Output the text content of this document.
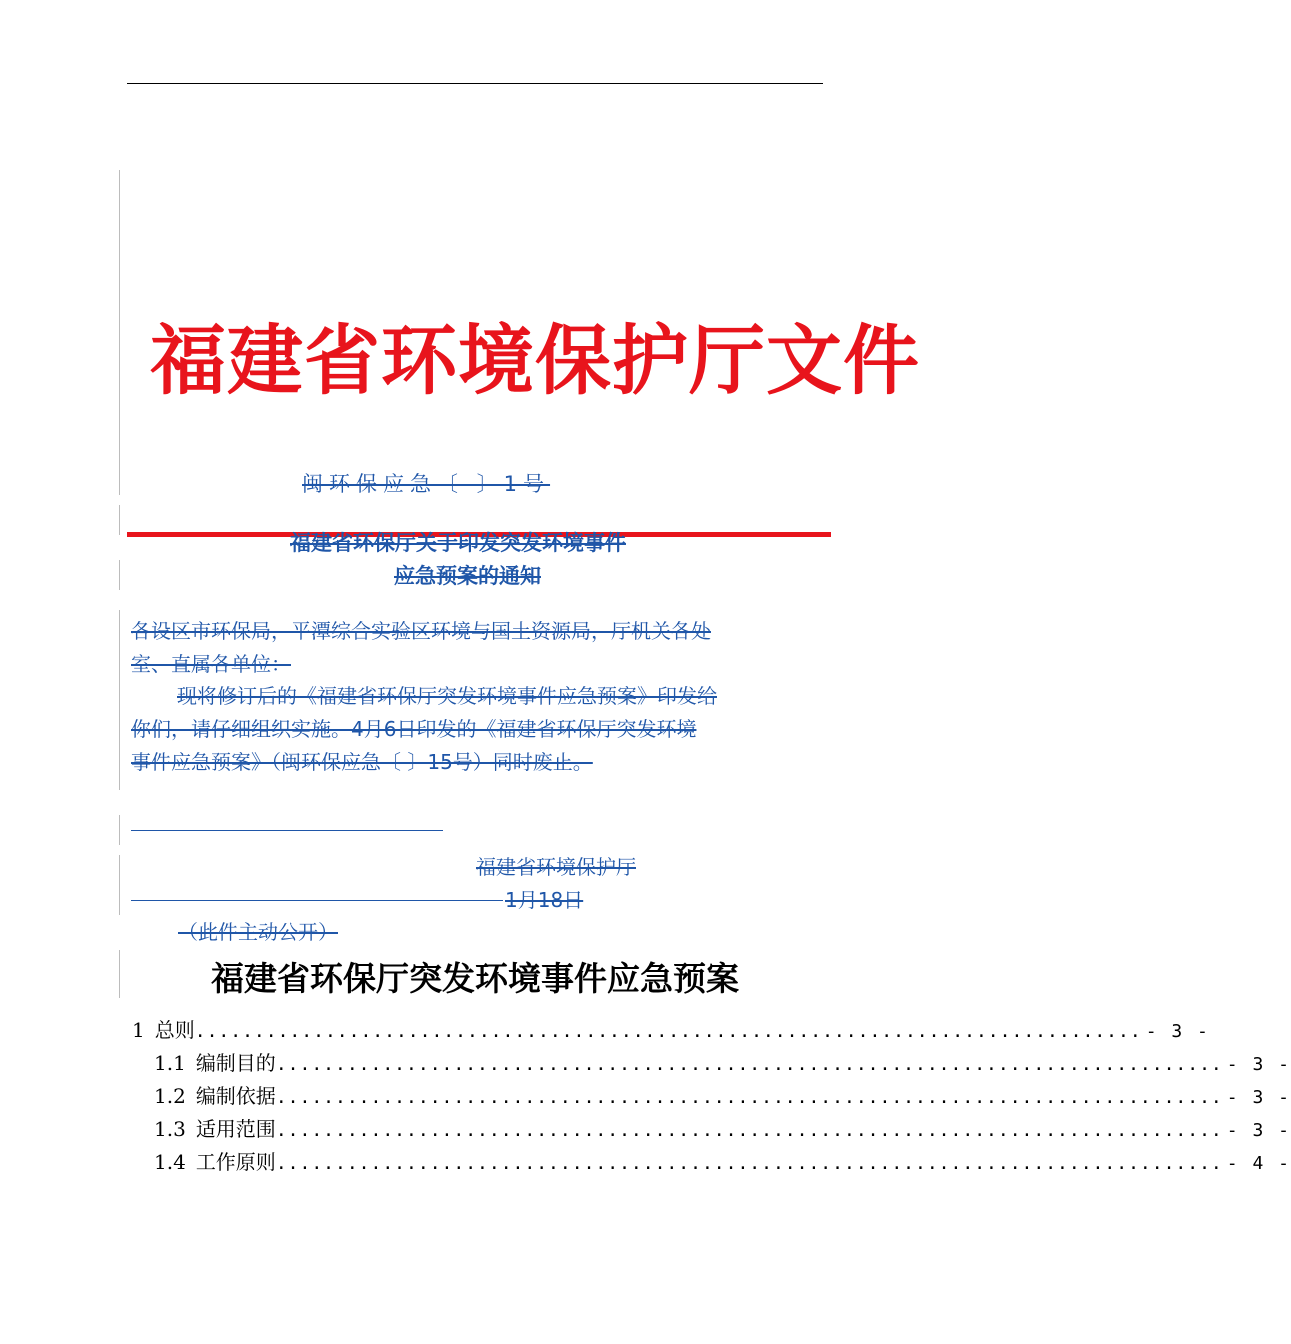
福建省环境保护厅文件
闽环保应急〔 〕1号
福建省环保厅关于印发突发环境事件
应急预案的通知
各设区市环保局，平潭综合实验区环境与国土资源局，厅机关各处
室、直属各单位：
现将修订后的《福建省环保厅突发环境事件应急预案》印发给
你们，请仔细组织实施。4月6日印发的《福建省环保厅突发环境
事件应急预案》（闽环保应急〔 〕15号）同时废止。
福建省环境保护厅
1月18日
（此件主动公开）
福建省环保厅突发环境事件应急预案
1 总则 ................................................................................ - 3 -
1.1 编制目的 ................................................................................ - 3 -
1.2 编制依据 ................................................................................ - 3 -
1.3 适用范围 ................................................................................ - 3 -
1.4 工作原则 ................................................................................ - 4 -
